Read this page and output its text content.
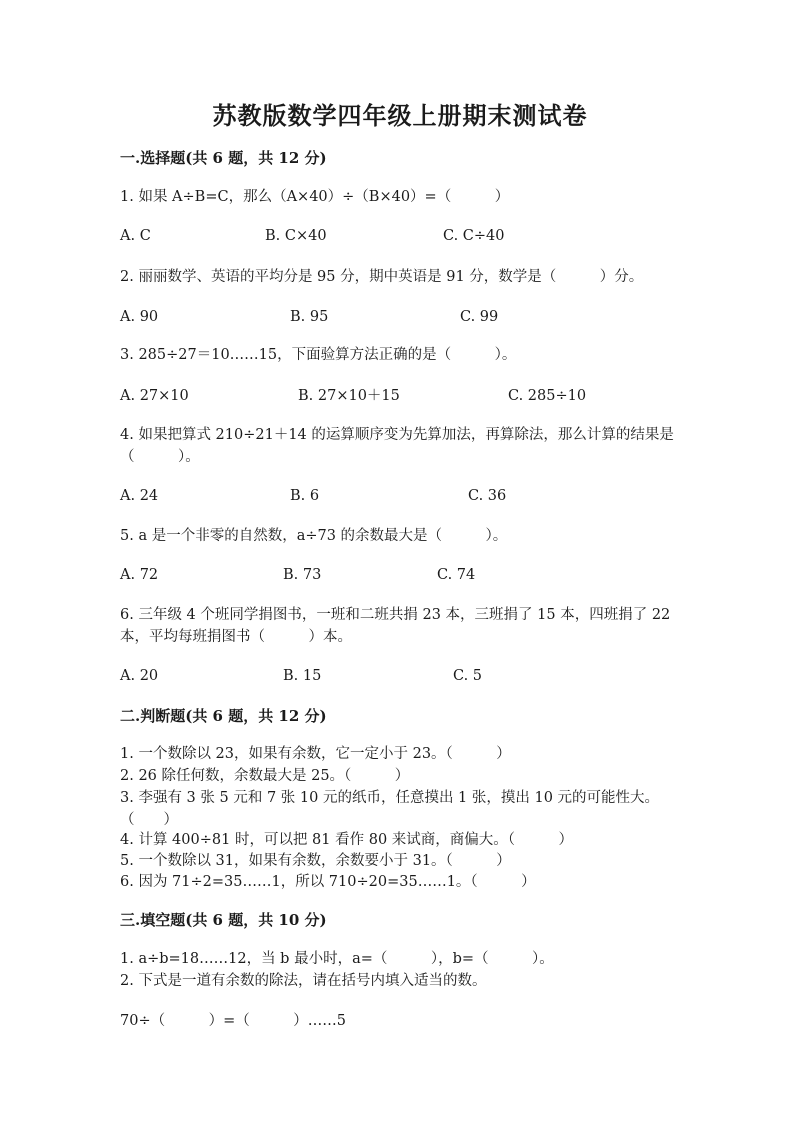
苏教版数学四年级上册期末测试卷
一.选择题(共 6 题，共 12 分)
1. 如果 A÷B=C，那么（A×40）÷（B×40）=（　　　）
A. C	B. C×40	C. C÷40
2. 丽丽数学、英语的平均分是 95 分，期中英语是 91 分，数学是（　　　）分。
A. 90	B. 95	C. 99
3. 285÷27＝10……15，下面验算方法正确的是（　　　）。
A. 27×10	B. 27×10＋15	C. 285÷10
4. 如果把算式 210÷21＋14 的运算顺序变为先算加法，再算除法，那么计算的结果是（　　　）。
A. 24	B. 6	C. 36
5. a 是一个非零的自然数，a÷73 的余数最大是（　　　）。
A. 72	B. 73	C. 74
6. 三年级 4 个班同学捐图书，一班和二班共捐 23 本，三班捐了 15 本，四班捐了 22 本，平均每班捐图书（　　　）本。
A. 20	B. 15	C. 5
二.判断题(共 6 题，共 12 分)
1. 一个数除以 23，如果有余数，它一定小于 23。（　　　）
2. 26 除任何数，余数最大是 25。（　　　）
3. 李强有 3 张 5 元和 7 张 10 元的纸币，任意摸出 1 张，摸出 10 元的可能性大。　　（　　）
4. 计算 400÷81 时，可以把 81 看作 80 来试商，商偏大。（　　　）
5. 一个数除以 31，如果有余数，余数要小于 31。（　　　）
6. 因为 71÷2=35……1，所以 710÷20=35……1。（　　　）
三.填空题(共 6 题，共 10 分)
1. a÷b=18……12，当 b 最小时，a=（　　　），b=（　　　）。
2. 下式是一道有余数的除法，请在括号内填入适当的数。
70÷（　　　）=（　　　）……5
